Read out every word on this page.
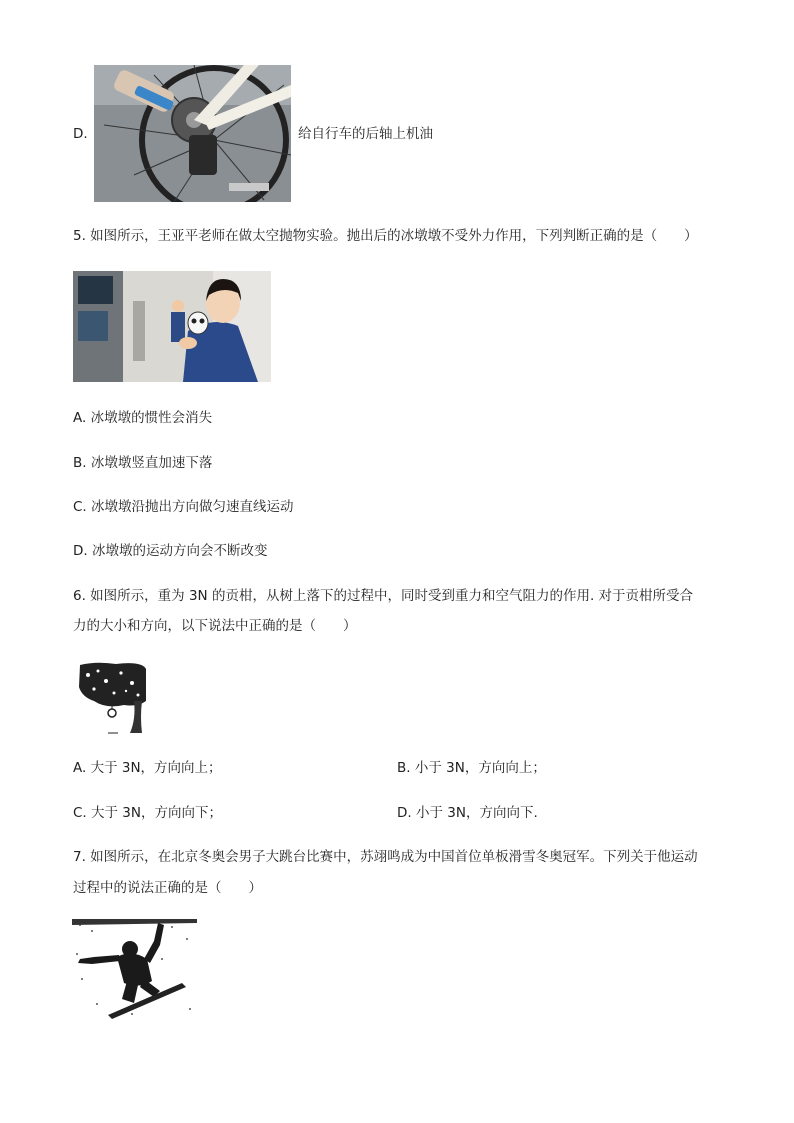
D.	给自行车的后轴上机油
5. 如图所示，王亚平老师在做太空抛物实验。抛出后的冰墩墩不受外力作用，下列判断正确的是（　　）
A. 冰墩墩的惯性会消失
B. 冰墩墩竖直加速下落
C. 冰墩墩沿抛出方向做匀速直线运动
D. 冰墩墩的运动方向会不断改变
6. 如图所示，重为 3N 的贡柑，从树上落下的过程中，同时受到重力和空气阻力的作用. 对于贡柑所受合
力的大小和方向，以下说法中正确的是（　　）
A. 大于 3N，方向向上；	B. 小于 3N，方向向上；
C. 大于 3N，方向向下；	D. 小于 3N，方向向下.
7. 如图所示，在北京冬奥会男子大跳台比赛中，苏翊鸣成为中国首位单板滑雪冬奥冠军。下列关于他运动
过程中的说法正确的是（　　）
